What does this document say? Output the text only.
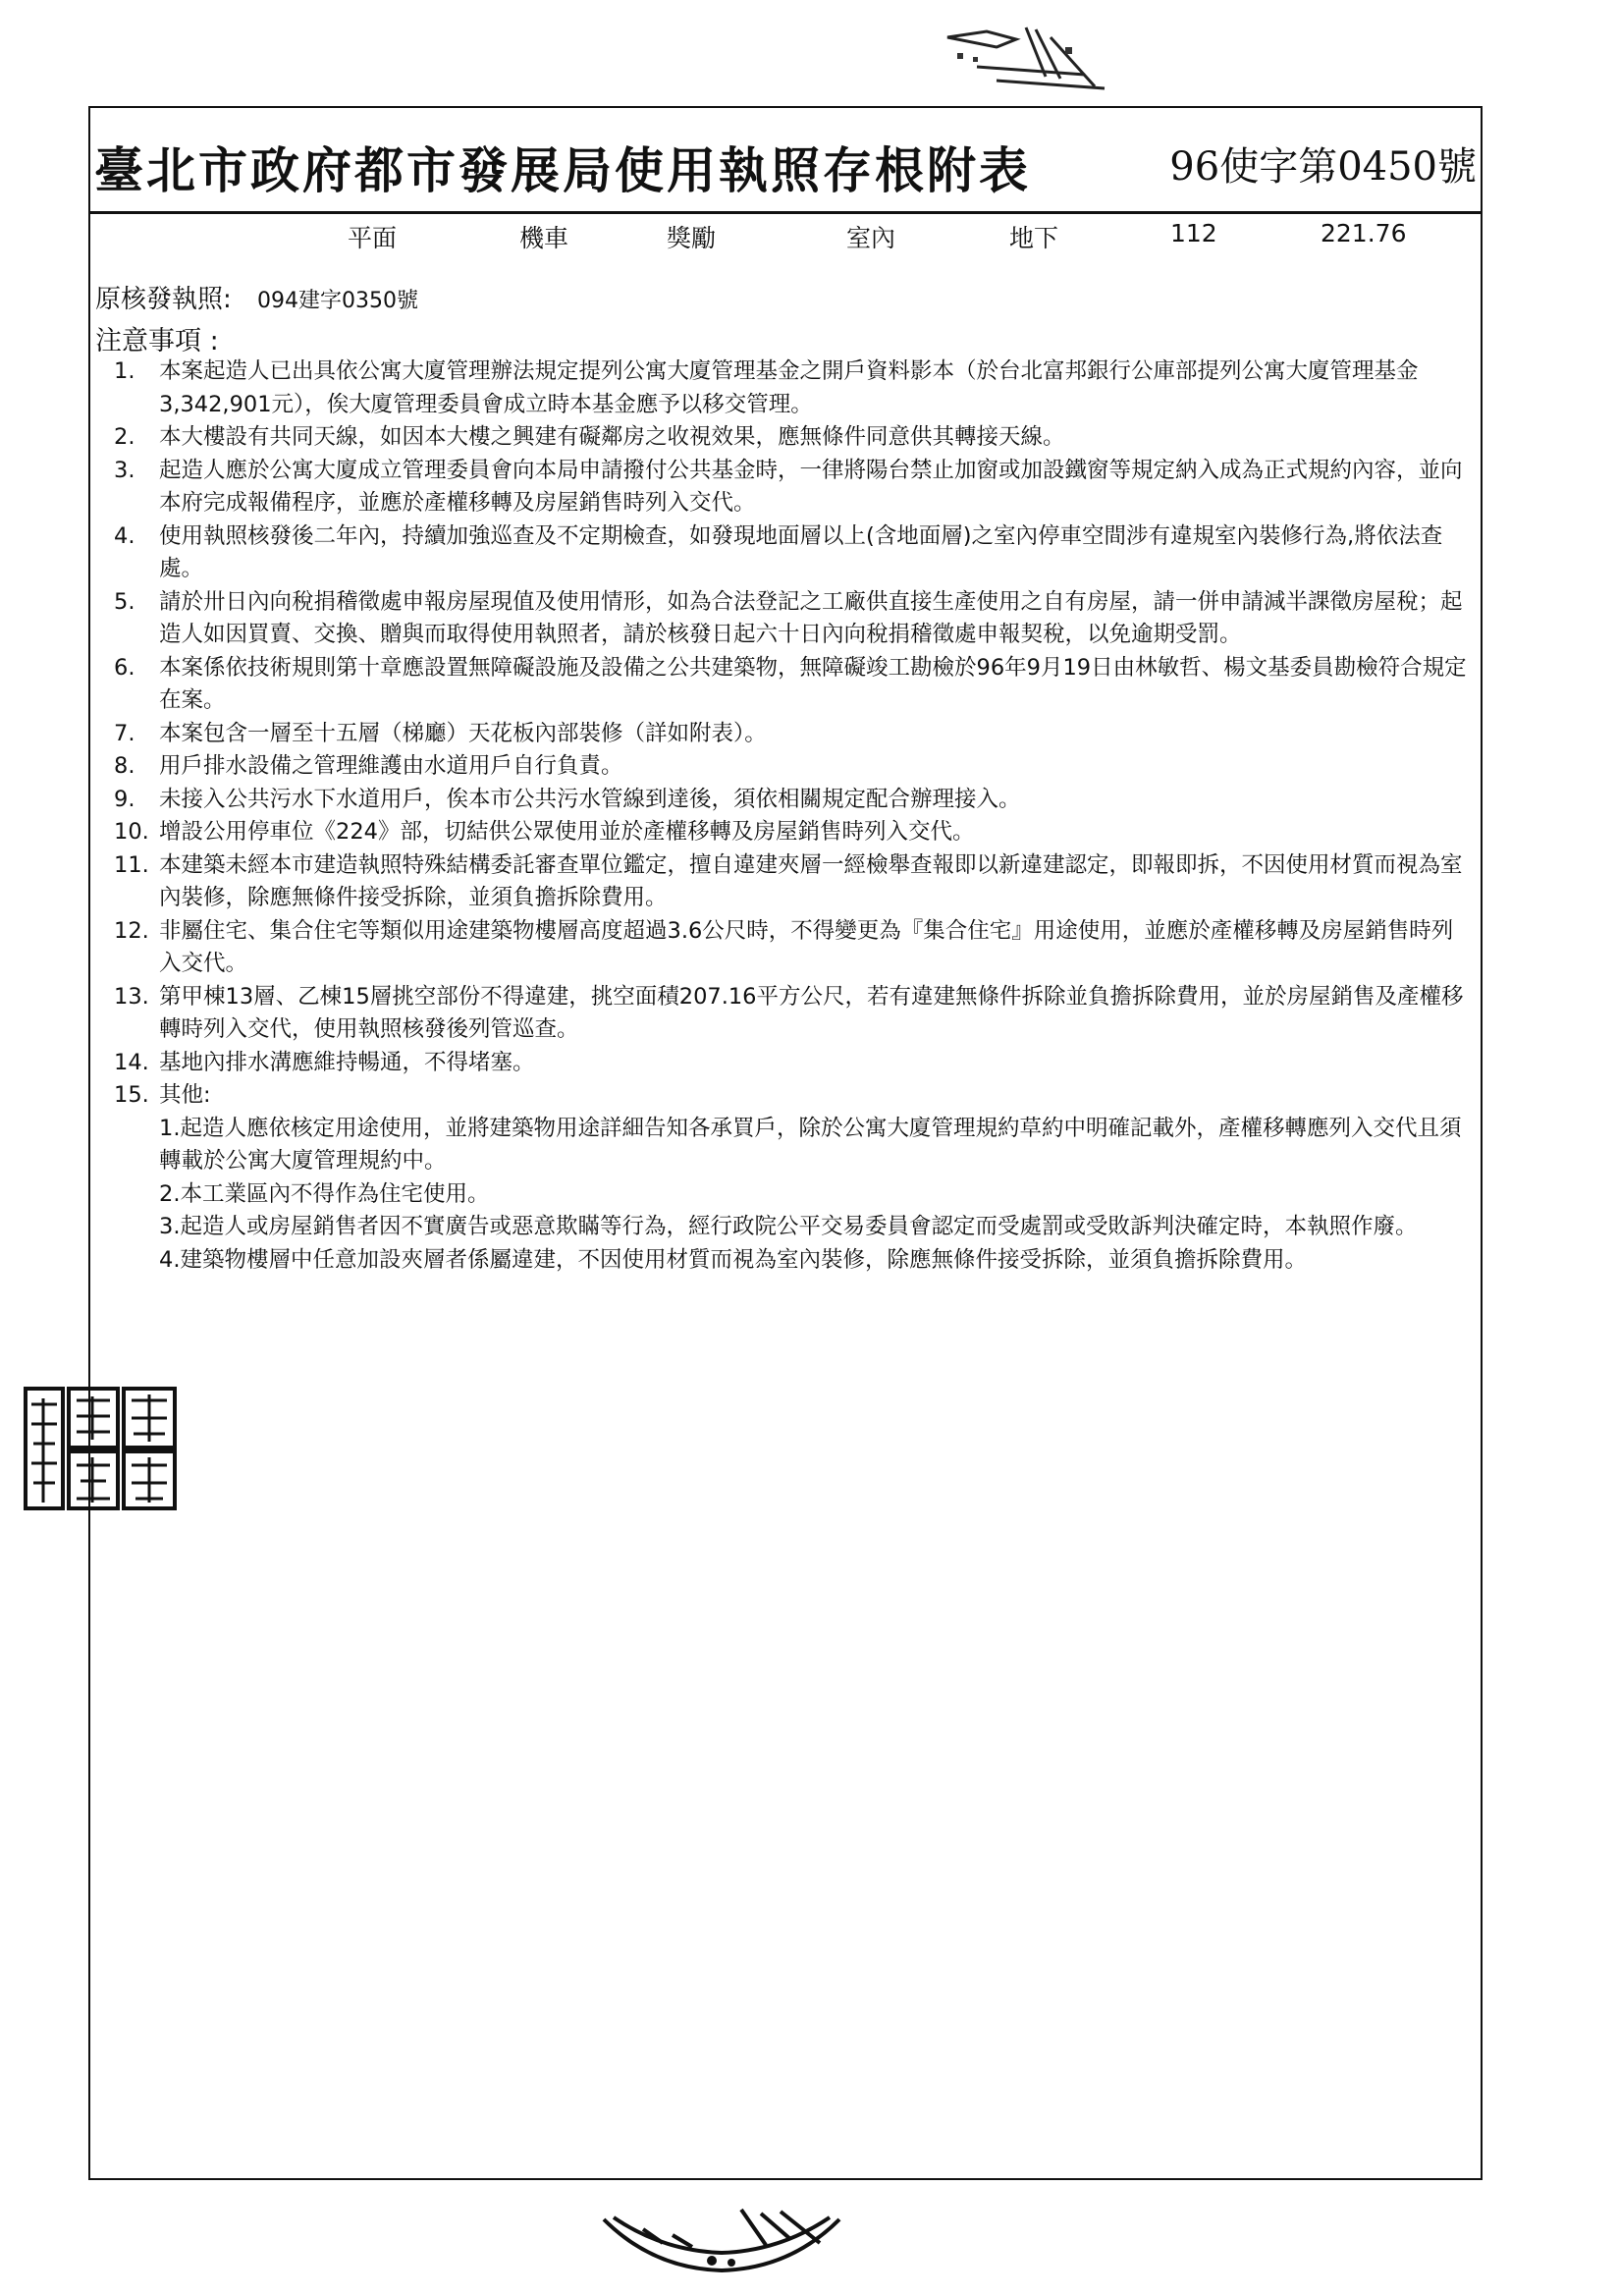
臺北市政府都市發展局使用執照存根附表	96使字第0450號
平面	機車	獎勵	室內	地下	112	221.76
原核發執照: 094建字0350號
注意事項 :
1. 本案起造人已出具依公寓大廈管理辦法規定提列公寓大廈管理基金之開戶資料影本（於台北富邦銀行公庫部提列公寓大廈管理基金3,342,901元），俟大廈管理委員會成立時本基金應予以移交管理。
2. 本大樓設有共同天線，如因本大樓之興建有礙鄰房之收視效果，應無條件同意供其轉接天線。
3. 起造人應於公寓大廈成立管理委員會向本局申請撥付公共基金時，一律將陽台禁止加窗或加設鐵窗等規定納入成為正式規約內容，並向本府完成報備程序，並應於產權移轉及房屋銷售時列入交代。
4. 使用執照核發後二年內，持續加強巡查及不定期檢查，如發現地面層以上(含地面層)之室內停車空間涉有違規室內裝修行為,將依法查處。
5. 請於卅日內向稅捐稽徵處申報房屋現值及使用情形，如為合法登記之工廠供直接生產使用之自有房屋，請一併申請減半課徵房屋稅；起造人如因買賣、交換、贈與而取得使用執照者，請於核發日起六十日內向稅捐稽徵處申報契稅，以免逾期受罰。
6. 本案係依技術規則第十章應設置無障礙設施及設備之公共建築物，無障礙竣工勘檢於96年9月19日由林敏哲、楊文基委員勘檢符合規定在案。
7. 本案包含一層至十五層（梯廳）天花板內部裝修（詳如附表）。
8. 用戶排水設備之管理維護由水道用戶自行負責。
9. 未接入公共污水下水道用戶，俟本市公共污水管線到達後，須依相關規定配合辦理接入。
10. 增設公用停車位《224》部，切結供公眾使用並於產權移轉及房屋銷售時列入交代。
11. 本建築未經本市建造執照特殊結構委託審查單位鑑定，擅自違建夾層一經檢舉查報即以新違建認定，即報即拆，不因使用材質而視為室內裝修，除應無條件接受拆除，並須負擔拆除費用。
12. 非屬住宅、集合住宅等類似用途建築物樓層高度超過3.6公尺時，不得變更為『集合住宅』用途使用，並應於產權移轉及房屋銷售時列入交代。
13. 第甲棟13層、乙棟15層挑空部份不得違建，挑空面積207.16平方公尺，若有違建無條件拆除並負擔拆除費用，並於房屋銷售及產權移轉時列入交代，使用執照核發後列管巡查。
14. 基地內排水溝應維持暢通，不得堵塞。
15. 其他:
1.起造人應依核定用途使用，並將建築物用途詳細告知各承買戶，除於公寓大廈管理規約草約中明確記載外，產權移轉應列入交代且須轉載於公寓大廈管理規約中。
2.本工業區內不得作為住宅使用。
3.起造人或房屋銷售者因不實廣告或惡意欺瞞等行為，經行政院公平交易委員會認定而受處罰或受敗訴判決確定時，本執照作廢。
4.建築物樓層中任意加設夾層者係屬違建，不因使用材質而視為室內裝修，除應無條件接受拆除，並須負擔拆除費用。
